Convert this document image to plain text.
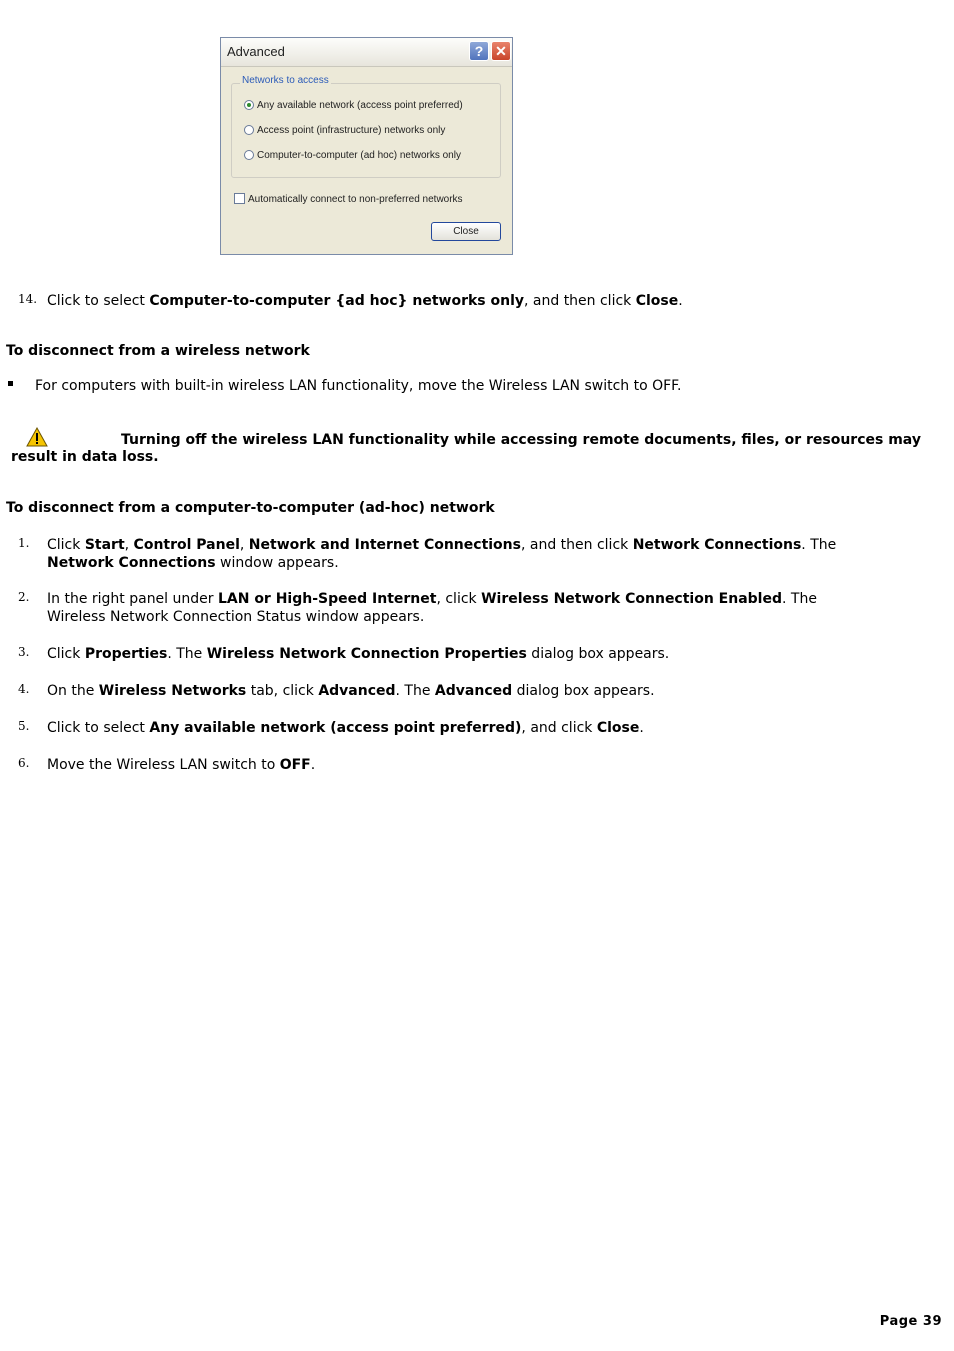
Advanced	? ✕
Networks to access
Any available network (access point preferred)
Access point (infrastructure) networks only
Computer-to-computer (ad hoc) networks only
Automatically connect to non-preferred networks
Close
14. Click to select Computer-to-computer {ad hoc} networks only, and then click Close.
To disconnect from a wireless network
For computers with built-in wireless LAN functionality, move the Wireless LAN switch to OFF.
Turning off the wireless LAN functionality while accessing remote documents, files, or resources may result in data loss.
To disconnect from a computer-to-computer (ad-hoc) network
1. Click Start, Control Panel, Network and Internet Connections, and then click Network Connections. The
Network Connections window appears.
2. In the right panel under LAN or High-Speed Internet, click Wireless Network Connection Enabled. The Wireless Network Connection Status window appears.
3. Click Properties. The Wireless Network Connection Properties dialog box appears.
4. On the Wireless Networks tab, click Advanced. The Advanced dialog box appears.
5. Click to select Any available network (access point preferred), and click Close.
6. Move the Wireless LAN switch to OFF.
Page 39
